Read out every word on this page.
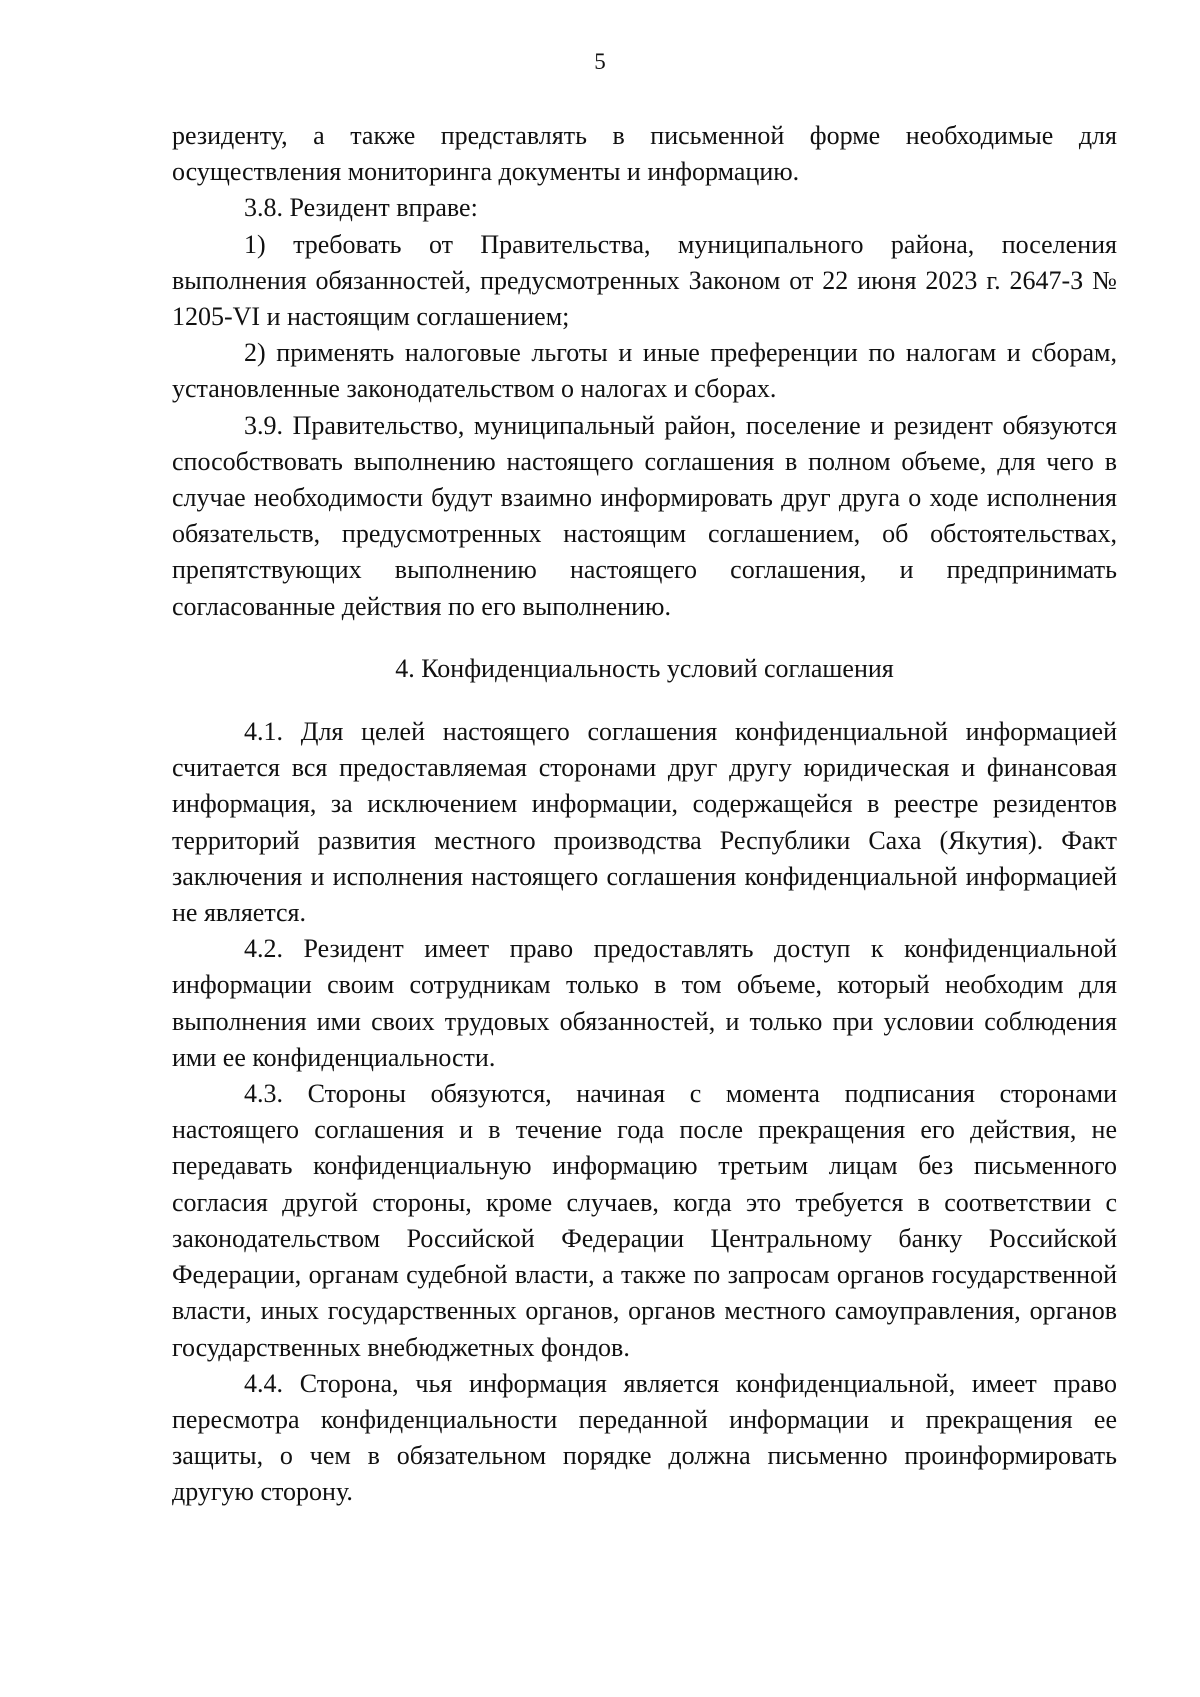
5

резиденту, а также представлять в письменной форме необходимые для осуществления мониторинга документы и информацию.

3.8. Резидент вправе:

1) требовать от Правительства, муниципального района, поселения выполнения обязанностей, предусмотренных Законом от 22 июня 2023 г. 2647-З № 1205-VI и настоящим соглашением;

2) применять налоговые льготы и иные преференции по налогам и сборам, установленные законодательством о налогах и сборах.

3.9. Правительство, муниципальный район, поселение и резидент обязуются способствовать выполнению настоящего соглашения в полном объеме, для чего в случае необходимости будут взаимно информировать друг друга о ходе исполнения обязательств, предусмотренных настоящим соглашением, об обстоятельствах, препятствующих выполнению настоящего соглашения, и предпринимать согласованные действия по его выполнению.

4. Конфиденциальность условий соглашения

4.1. Для целей настоящего соглашения конфиденциальной информацией считается вся предоставляемая сторонами друг другу юридическая и финансовая информация, за исключением информации, содержащейся в реестре резидентов территорий развития местного производства Республики Саха (Якутия). Факт заключения и исполнения настоящего соглашения конфиденциальной информацией не является.

4.2. Резидент имеет право предоставлять доступ к конфиденциальной информации своим сотрудникам только в том объеме, который необходим для выполнения ими своих трудовых обязанностей, и только при условии соблюдения ими ее конфиденциальности.

4.3. Стороны обязуются, начиная с момента подписания сторонами настоящего соглашения и в течение года после прекращения его действия, не передавать конфиденциальную информацию третьим лицам без письменного согласия другой стороны, кроме случаев, когда это требуется в соответствии с законодательством Российской Федерации Центральному банку Российской Федерации, органам судебной власти, а также по запросам органов государственной власти, иных государственных органов, органов местного самоуправления, органов государственных внебюджетных фондов.

4.4. Сторона, чья информация является конфиденциальной, имеет право пересмотра конфиденциальности переданной информации и прекращения ее защиты, о чем в обязательном порядке должна письменно проинформировать другую сторону.
